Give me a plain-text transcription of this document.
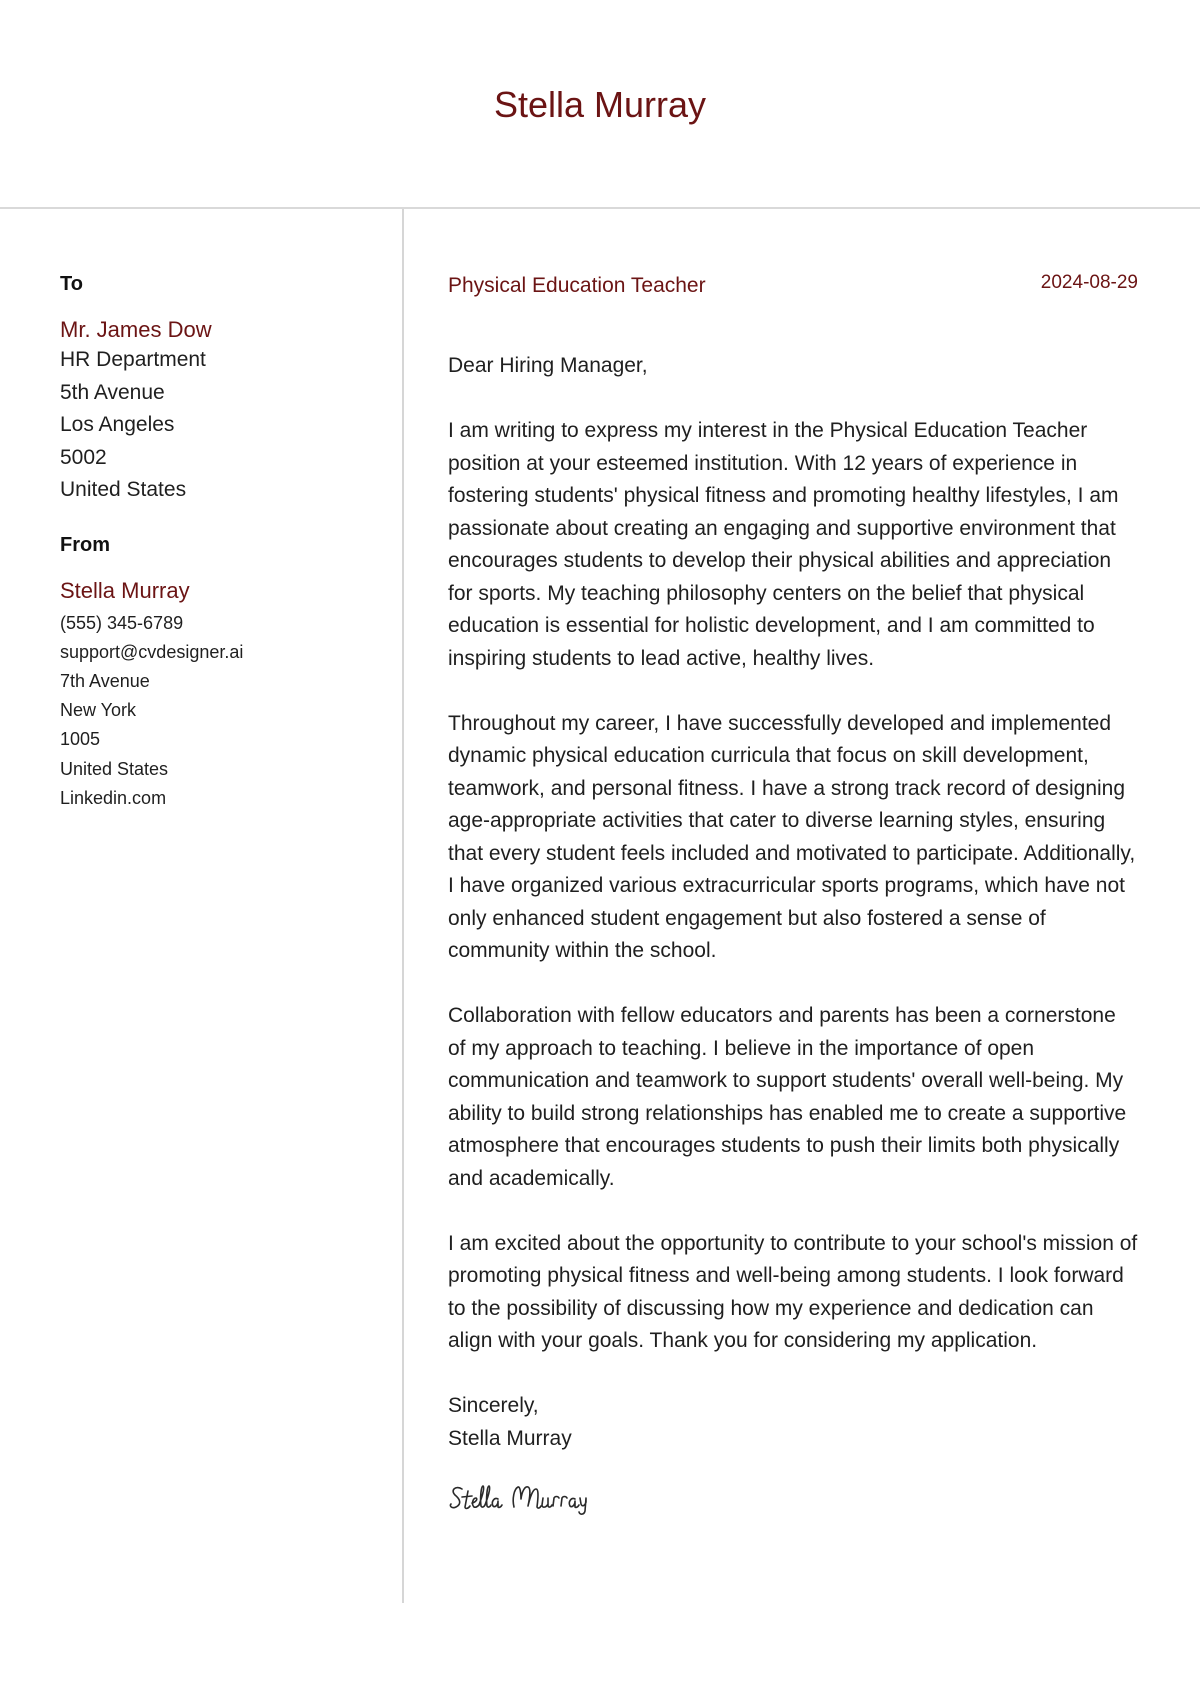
Stella Murray
To
Mr. James Dow
HR Department
5th Avenue
Los Angeles
5002
United States
From
Stella Murray
(555) 345-6789
support@cvdesigner.ai
7th Avenue
New York
1005
United States
Linkedin.com
Physical Education Teacher	2024-08-29
Dear Hiring Manager,
I am writing to express my interest in the Physical Education Teacher position at your esteemed institution. With 12 years of experience in fostering students' physical fitness and promoting healthy lifestyles, I am passionate about creating an engaging and supportive environment that encourages students to develop their physical abilities and appreciation for sports. My teaching philosophy centers on the belief that physical education is essential for holistic development, and I am committed to inspiring students to lead active, healthy lives.
Throughout my career, I have successfully developed and implemented dynamic physical education curricula that focus on skill development, teamwork, and personal fitness. I have a strong track record of designing age-appropriate activities that cater to diverse learning styles, ensuring that every student feels included and motivated to participate. Additionally, I have organized various extracurricular sports programs, which have not only enhanced student engagement but also fostered a sense of community within the school.
Collaboration with fellow educators and parents has been a cornerstone of my approach to teaching. I believe in the importance of open communication and teamwork to support students' overall well-being. My ability to build strong relationships has enabled me to create a supportive atmosphere that encourages students to push their limits both physically and academically.
I am excited about the opportunity to contribute to your school's mission of promoting physical fitness and well-being among students. I look forward to the possibility of discussing how my experience and dedication can align with your goals. Thank you for considering my application.
Sincerely,
Stella Murray
